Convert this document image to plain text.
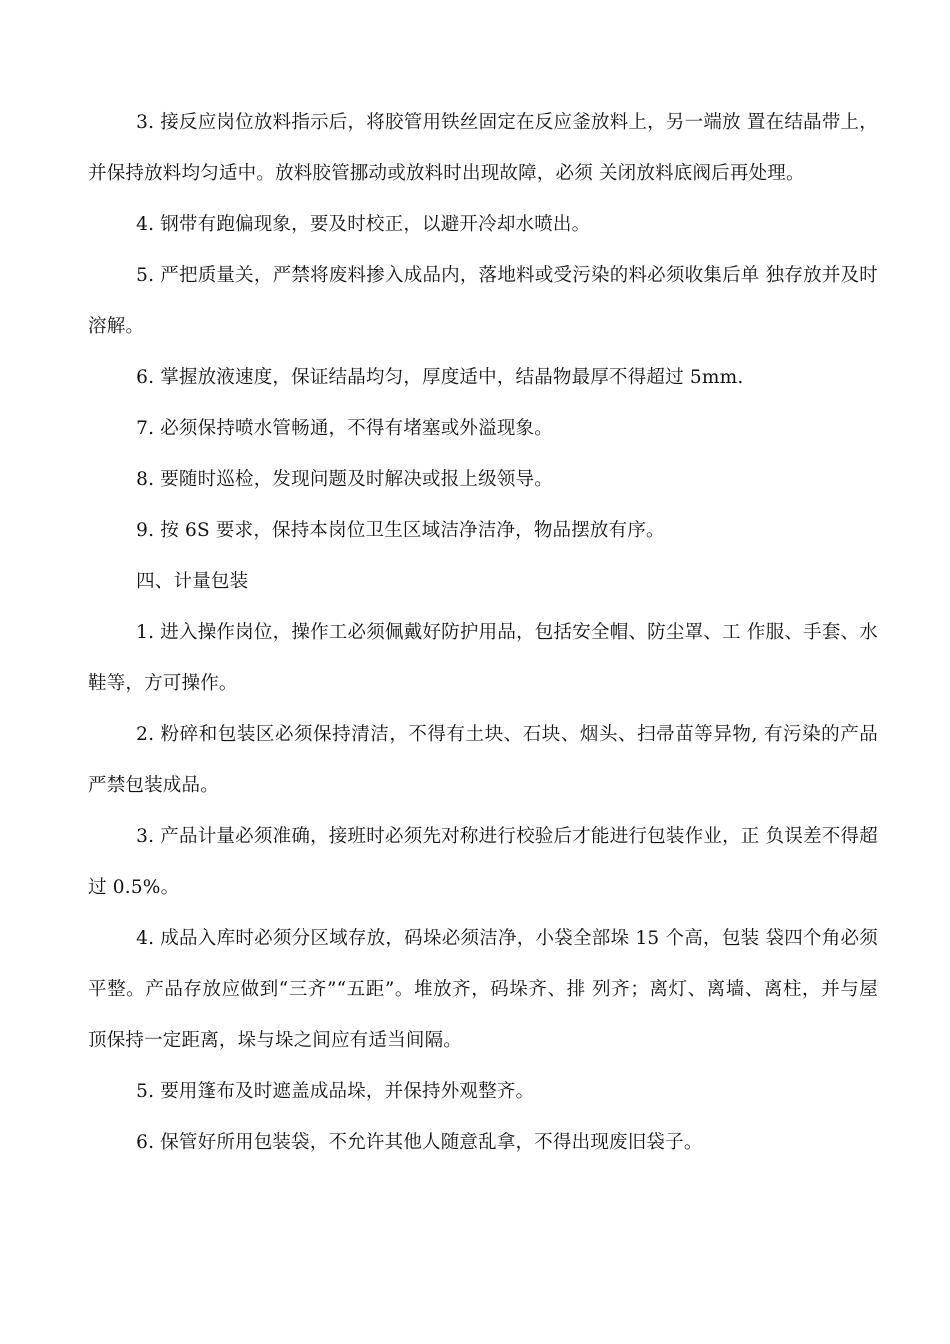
3. 接反应岗位放料指示后，将胶管用铁丝固定在反应釜放料上，另一端放 置在结晶带上，并保持放料均匀适中。放料胶管挪动或放料时出现故障，必须 关闭放料底阀后再处理。

4. 钢带有跑偏现象，要及时校正，以避开冷却水喷出。

5. 严把质量关，严禁将废料掺入成品内，落地料或受污染的料必须收集后单 独存放并及时溶解。

6. 掌握放液速度，保证结晶均匀，厚度适中，结晶物最厚不得超过 5mm.

7. 必须保持喷水管畅通，不得有堵塞或外溢现象。

8. 要随时巡检，发现问题及时解决或报上级领导。

9. 按 6S 要求，保持本岗位卫生区域洁净洁净，物品摆放有序。

四、计量包装

1. 进入操作岗位，操作工必须佩戴好防护用品，包括安全帽、防尘罩、工 作服、手套、水鞋等，方可操作。

2. 粉碎和包装区必须保持清洁，不得有土块、石块、烟头、扫帚苗等异物, 有污染的产品严禁包装成品。

3. 产品计量必须准确，接班时必须先对称进行校验后才能进行包装作业，正 负误差不得超过 0.5%。

4. 成品入库时必须分区域存放，码垛必须洁净，小袋全部垛 15 个高，包装 袋四个角必须平整。产品存放应做到“三齐”“五距”。堆放齐，码垛齐、排 列齐；离灯、离墙、离柱，并与屋顶保持一定距离，垛与垛之间应有适当间隔。

5. 要用篷布及时遮盖成品垛，并保持外观整齐。

6. 保管好所用包装袋，不允许其他人随意乱拿，不得出现废旧袋子。
